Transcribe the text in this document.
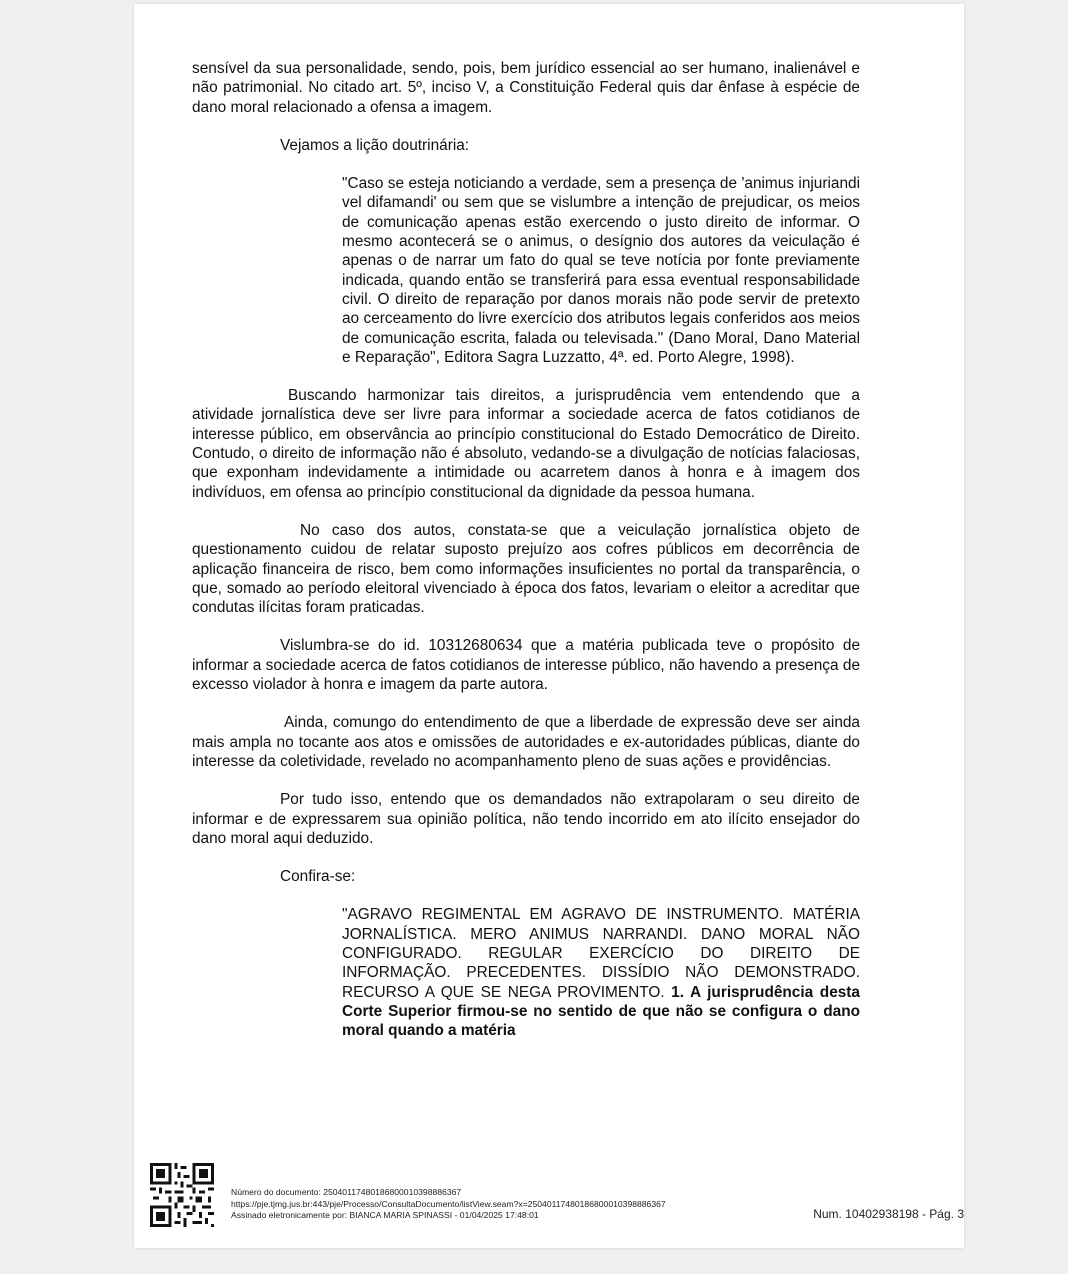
sensível da sua personalidade, sendo, pois, bem jurídico essencial ao ser humano, inalienável e não patrimonial. No citado art. 5º, inciso V, a Constituição Federal quis dar ênfase à espécie de dano moral relacionado a ofensa a imagem.

Vejamos a lição doutrinária:

"Caso se esteja noticiando a verdade, sem a presença de 'animus injuriandi vel difamandi' ou sem que se vislumbre a intenção de prejudicar, os meios de comunicação apenas estão exercendo o justo direito de informar. O mesmo acontecerá se o animus, o desígnio dos autores da veiculação é apenas o de narrar um fato do qual se teve notícia por fonte previamente indicada, quando então se transferirá para essa eventual responsabilidade civil. O direito de reparação por danos morais não pode servir de pretexto ao cerceamento do livre exercício dos atributos legais conferidos aos meios de comunicação escrita, falada ou televisada." (Dano Moral, Dano Material e Reparação", Editora Sagra Luzzatto, 4ª. ed. Porto Alegre, 1998).

Buscando harmonizar tais direitos, a jurisprudência vem entendendo que a atividade jornalística deve ser livre para informar a sociedade acerca de fatos cotidianos de interesse público, em observância ao princípio constitucional do Estado Democrático de Direito. Contudo, o direito de informação não é absoluto, vedando-se a divulgação de notícias falaciosas, que exponham indevidamente a intimidade ou acarretem danos à honra e à imagem dos indivíduos, em ofensa ao princípio constitucional da dignidade da pessoa humana.

No caso dos autos, constata-se que a veiculação jornalística objeto de questionamento cuidou de relatar suposto prejuízo aos cofres públicos em decorrência de aplicação financeira de risco, bem como informações insuficientes no portal da transparência, o que, somado ao período eleitoral vivenciado à época dos fatos, levariam o eleitor a acreditar que condutas ilícitas foram praticadas.

Vislumbra-se do id. 10312680634 que a matéria publicada teve o propósito de informar a sociedade acerca de fatos cotidianos de interesse público, não havendo a presença de excesso violador à honra e imagem da parte autora.

Ainda, comungo do entendimento de que a liberdade de expressão deve ser ainda mais ampla no tocante aos atos e omissões de autoridades e ex-autoridades públicas, diante do interesse da coletividade, revelado no acompanhamento pleno de suas ações e providências.

Por tudo isso, entendo que os demandados não extrapolaram o seu direito de informar e de expressarem sua opinião política, não tendo incorrido em ato ilícito ensejador do dano moral aqui deduzido.

Confira-se:

"AGRAVO REGIMENTAL EM AGRAVO DE INSTRUMENTO. MATÉRIA JORNALÍSTICA. MERO ANIMUS NARRANDI. DANO MORAL NÃO CONFIGURADO. REGULAR EXERCÍCIO DO DIREITO DE INFORMAÇÃO. PRECEDENTES. DISSÍDIO NÃO DEMONSTRADO. RECURSO A QUE SE NEGA PROVIMENTO. 1. A jurisprudência desta Corte Superior firmou-se no sentido de que não se configura o dano moral quando a matéria

Número do documento: 25040117480186800010398886367
https://pje.tjmg.jus.br:443/pje/Processo/ConsultaDocumento/listView.seam?x=25040117480186800010398886367
Assinado eletronicamente por: BIANCA MARIA SPINASSI - 01/04/2025 17:48:01	Num. 10402938198 - Pág. 3
